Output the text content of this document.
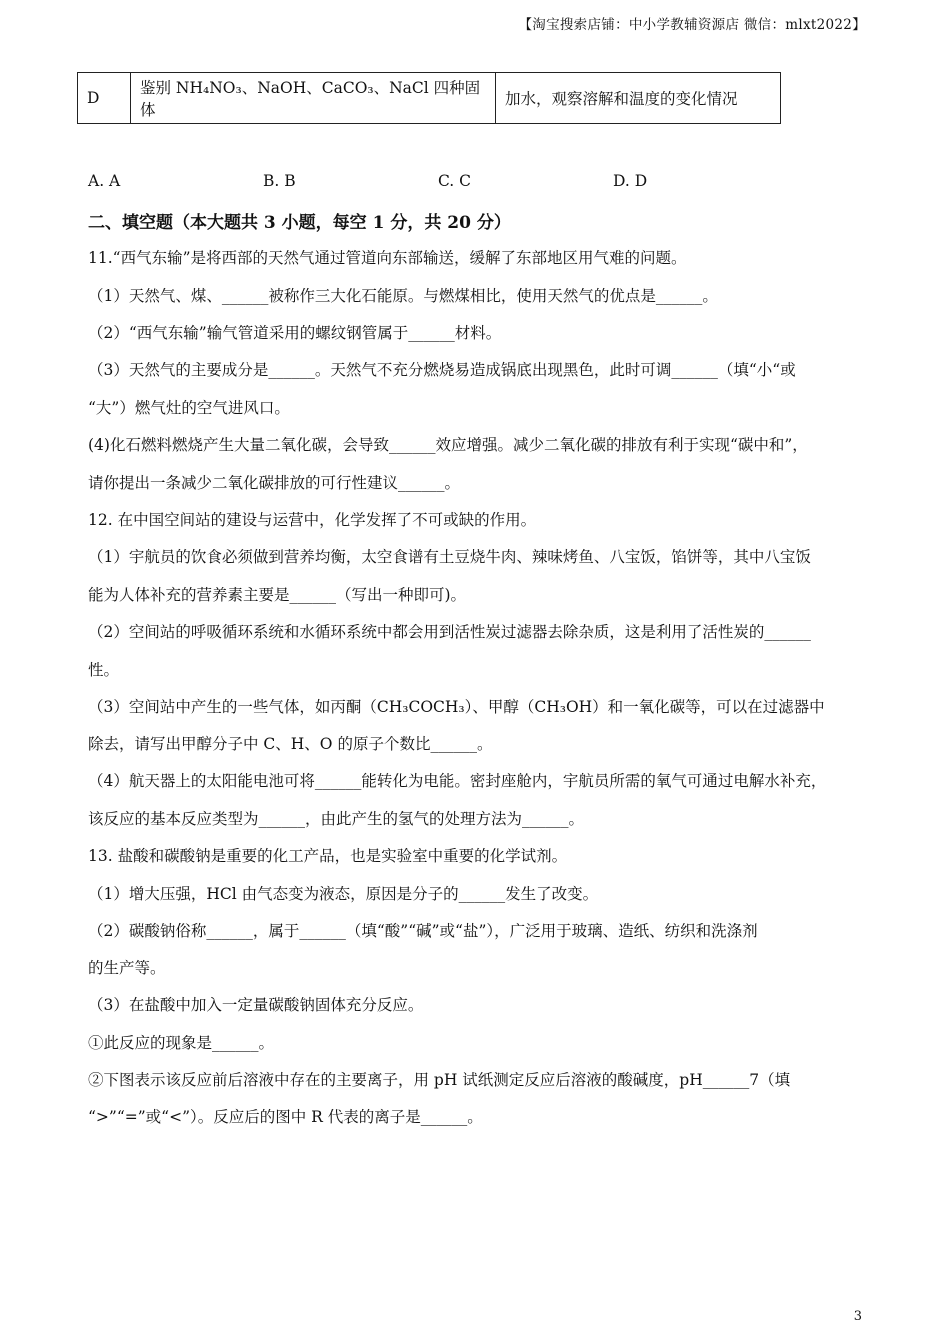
【淘宝搜索店铺：中小学教辅资源店 微信：mlxt2022】
D	鉴别 NH₄NO₃、NaOH、CaCO₃、NaCl 四种固体	加水，观察溶解和温度的变化情况
A. A	B. B	C. C	D. D
二、填空题（本大题共 3 小题，每空 1 分，共 20 分）
11.“西气东输”是将西部的天然气通过管道向东部输送，缓解了东部地区用气难的问题。
（1）天然气、煤、______被称作三大化石能原。与燃煤相比，使用天然气的优点是______。
（2）“西气东输”输气管道采用的螺纹钢管属于______材料。
（3）天然气的主要成分是______。天然气不充分燃烧易造成锅底出现黑色，此时可调______（填“小“或
“大”）燃气灶的空气进风口。
(4)化石燃料燃烧产生大量二氧化碳，会导致______效应增强。减少二氧化碳的排放有利于实现“碳中和”，
请你提出一条减少二氧化碳排放的可行性建议______。
12. 在中国空间站的建设与运营中，化学发挥了不可或缺的作用。
（1）宇航员的饮食必须做到营养均衡，太空食谱有土豆烧牛肉、辣味烤鱼、八宝饭，馅饼等，其中八宝饭
能为人体补充的营养素主要是______（写出一种即可)。
（2）空间站的呼吸循环系统和水循环系统中都会用到活性炭过滤器去除杂质，这是利用了活性炭的______
性。
（3）空间站中产生的一些气体，如丙酮（CH₃COCH₃）、甲醇（CH₃OH）和一氧化碳等，可以在过滤器中
除去，请写出甲醇分子中 C、H、O 的原子个数比______。
（4）航天器上的太阳能电池可将______能转化为电能。密封座舱内，宇航员所需的氧气可通过电解水补充，
该反应的基本反应类型为______，由此产生的氢气的处理方法为______。
13. 盐酸和碳酸钠是重要的化工产品，也是实验室中重要的化学试剂。
（1）增大压强，HCl 由气态变为液态，原因是分子的______发生了改变。
（2）碳酸钠俗称______，属于______（填“酸”“碱”或“盐”），广泛用于玻璃、造纸、纺织和洗涤剂
的生产等。
（3）在盐酸中加入一定量碳酸钠固体充分反应。
①此反应的现象是______。
②下图表示该反应前后溶液中存在的主要离子，用 pH 试纸测定反应后溶液的酸碱度，pH______7（填
“>”“=”或“<”）。反应后的图中 R 代表的离子是______。
3
